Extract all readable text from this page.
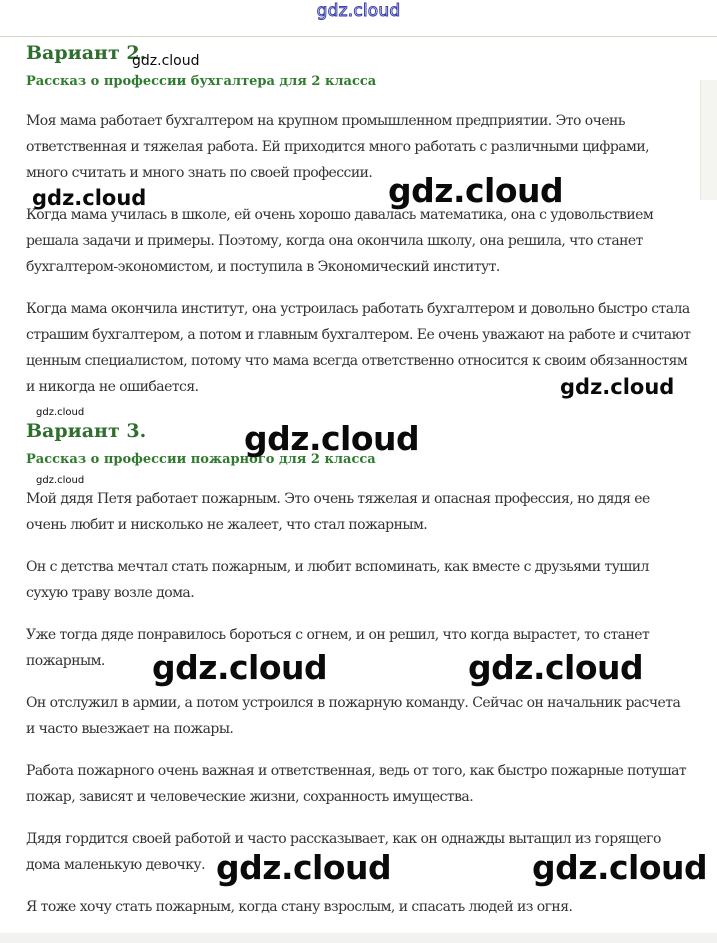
gdz.cloud
Вариант 2.
Рассказ о профессии бухгалтера для 2 класса

Моя мама работает бухгалтером на крупном промышленном предприятии. Это очень ответственная и тяжелая работа. Ей приходится много работать с различными цифрами, много считать и много знать по своей профессии.

Когда мама училась в школе, ей очень хорошо давалась математика, она с удовольствием решала задачи и примеры. Поэтому, когда она окончила школу, она решила, что станет бухгалтером-экономистом, и поступила в Экономический институт.

Когда мама окончила институт, она устроилась работать бухгалтером и довольно быстро стала страшим бухгалтером, а потом и главным бухгалтером. Ее очень уважают на работе и считают ценным специалистом, потому что мама всегда ответственно относится к своим обязанностям и никогда не ошибается.

Вариант 3.
Рассказ о профессии пожарного для 2 класса

Мой дядя Петя работает пожарным. Это очень тяжелая и опасная профессия, но дядя ее очень любит и нисколько не жалеет, что стал пожарным.

Он с детства мечтал стать пожарным, и любит вспоминать, как вместе с друзьями тушил сухую траву возле дома.

Уже тогда дяде понравилось бороться с огнем, и он решил, что когда вырастет, то станет пожарным.

Он отслужил в армии, а потом устроился в пожарную команду. Сейчас он начальник расчета и часто выезжает на пожары.

Работа пожарного очень важная и ответственная, ведь от того, как быстро пожарные потушат пожар, зависят и человеческие жизни, сохранность имущества.

Дядя гордится своей работой и часто рассказывает, как он однажды вытащил из горящего дома маленькую девочку.

Я тоже хочу стать пожарным, когда стану взрослым, и спасать людей из огня.

gdz.cloud
gdz.cloud	gdz.cloud
gdz.cloud
gdz.cloud
gdz.cloud
gdz.cloud
gdz.cloud	gdz.cloud
gdz.cloud	gdz.cloud
